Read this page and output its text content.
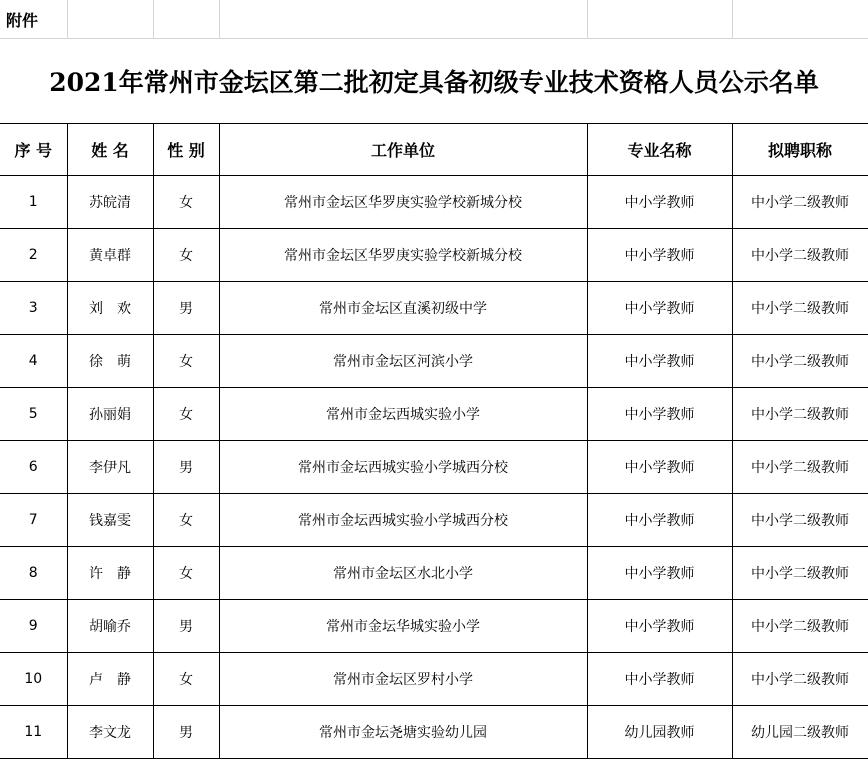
附件					
2021年常州市金坛区第二批初定具备初级专业技术资格人员公示名单					
序 号	姓 名	性 别	工作单位	专业名称	拟聘职称
1	苏皖清	女	常州市金坛区华罗庚实验学校新城分校	中小学教师	中小学二级教师
2	黄卓群	女	常州市金坛区华罗庚实验学校新城分校	中小学教师	中小学二级教师
3	刘　欢	男	常州市金坛区直溪初级中学	中小学教师	中小学二级教师
4	徐　萌	女	常州市金坛区河滨小学	中小学教师	中小学二级教师
5	孙丽娟	女	常州市金坛西城实验小学	中小学教师	中小学二级教师
6	李伊凡	男	常州市金坛西城实验小学城西分校	中小学教师	中小学二级教师
7	钱嘉雯	女	常州市金坛西城实验小学城西分校	中小学教师	中小学二级教师
8	许　静	女	常州市金坛区水北小学	中小学教师	中小学二级教师
9	胡喻乔	男	常州市金坛华城实验小学	中小学教师	中小学二级教师
10	卢　静	女	常州市金坛区罗村小学	中小学教师	中小学二级教师
11	李文龙	男	常州市金坛尧塘实验幼儿园	幼儿园教师	幼儿园二级教师
